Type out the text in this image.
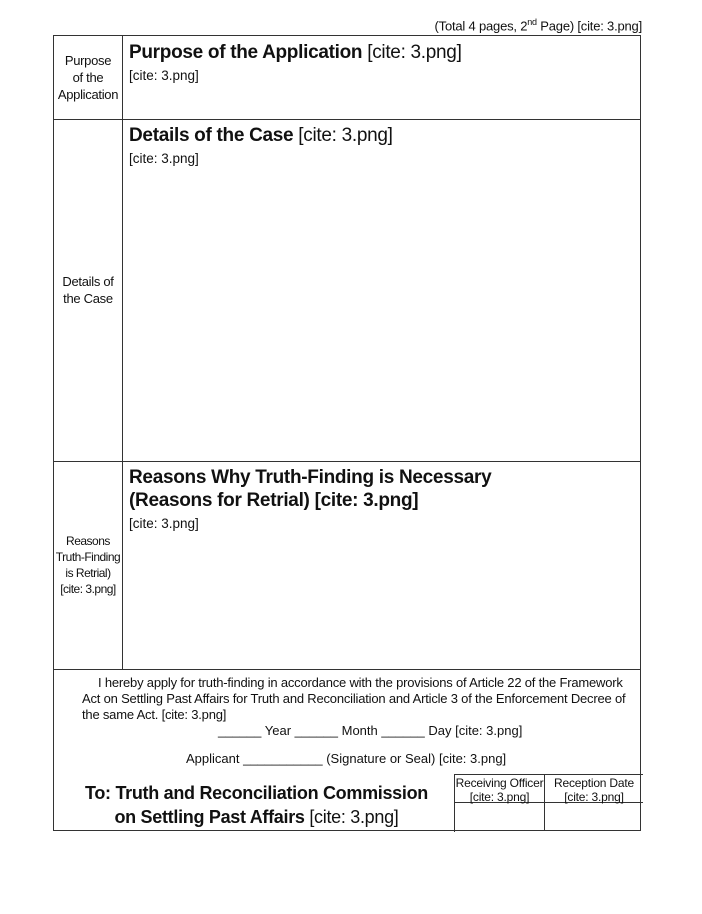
(Total 4 pages, 2nd Page) [cite: 3.png]
Purpose
of the
Application
Purpose of the Application [cite: 3.png]
[cite: 3.png]
Details of
the Case
Details of the Case [cite: 3.png]
[cite: 3.png]
Reasons
Truth-Finding
is Retrial)
[cite: 3.png]
Reasons Why Truth-Finding is Necessary
(Reasons for Retrial) [cite: 3.png]
[cite: 3.png]
I hereby apply for truth-finding in accordance with the provisions of Article 22 of the Framework Act on Settling Past Affairs for Truth and Reconciliation and Article 3 of the Enforcement Decree of the same Act. [cite: 3.png]
______ Year ______ Month ______ Day [cite: 3.png]
Applicant ___________ (Signature or Seal) [cite: 3.png]
To: Truth and Reconciliation Commission
on Settling Past Affairs [cite: 3.png]
Receiving Officer
[cite: 3.png]
Reception Date
[cite: 3.png]
